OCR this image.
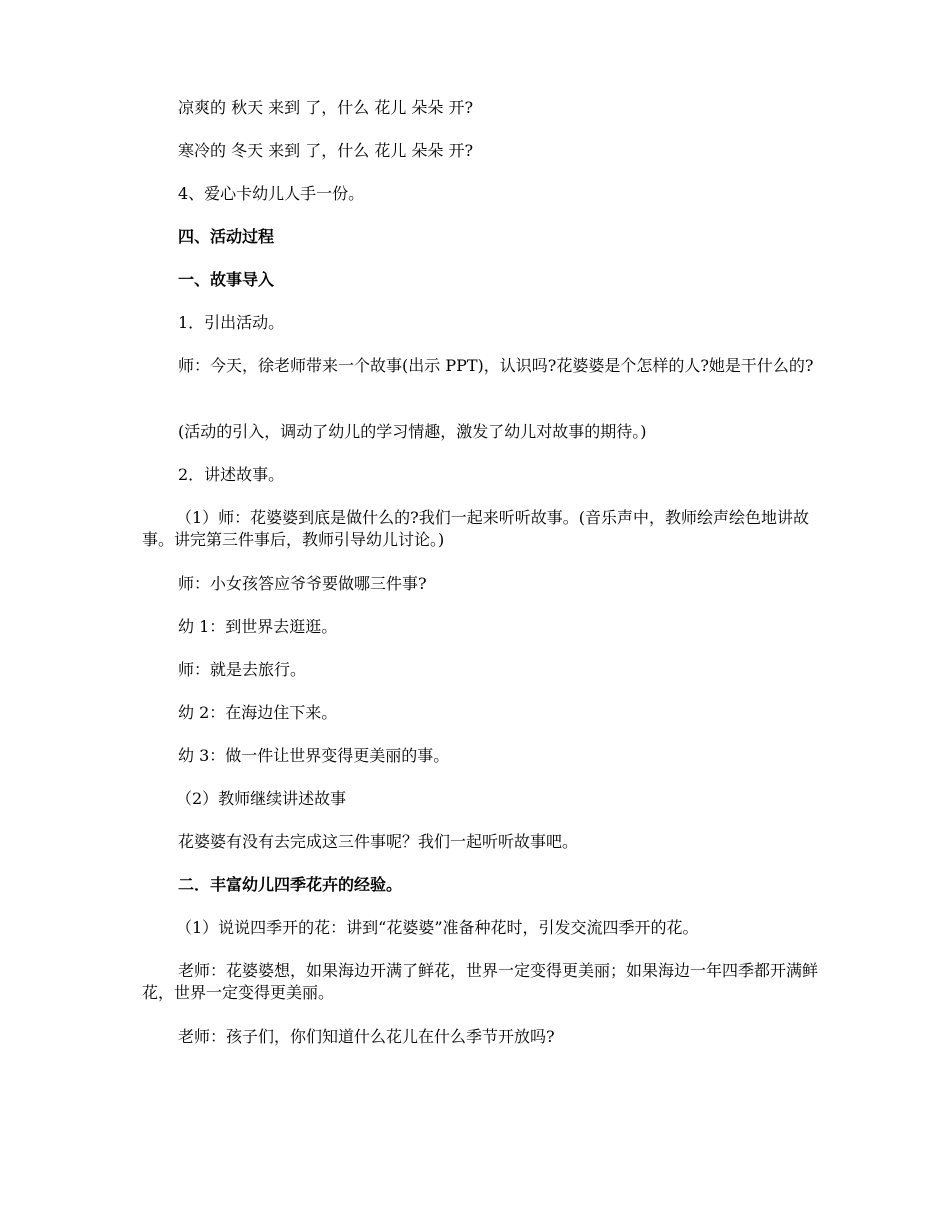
凉爽的 秋天 来到 了，什么 花儿 朵朵 开?

寒冷的 冬天 来到 了，什么 花儿 朵朵 开?

4、爱心卡幼儿人手一份。

四、活动过程

一、故事导入

1．引出活动。

师：今天，徐老师带来一个故事(出示 PPT)，认识吗?花婆婆是个怎样的人?她是干什么的?

(活动的引入，调动了幼儿的学习情趣，激发了幼儿对故事的期待。)

2．讲述故事。

（1）师：花婆婆到底是做什么的?我们一起来听听故事。(音乐声中，教师绘声绘色地讲故事。讲完第三件事后，教师引导幼儿讨论。)

师：小女孩答应爷爷要做哪三件事?

幼 1：到世界去逛逛。

师：就是去旅行。

幼 2：在海边住下来。

幼 3：做一件让世界变得更美丽的事。

（2）教师继续讲述故事

花婆婆有没有去完成这三件事呢？我们一起听听故事吧。

二．丰富幼儿四季花卉的经验。

（1）说说四季开的花：讲到“花婆婆”准备种花时，引发交流四季开的花。

老师：花婆婆想，如果海边开满了鲜花，世界一定变得更美丽；如果海边一年四季都开满鲜花，世界一定变得更美丽。

老师：孩子们，你们知道什么花儿在什么季节开放吗?
